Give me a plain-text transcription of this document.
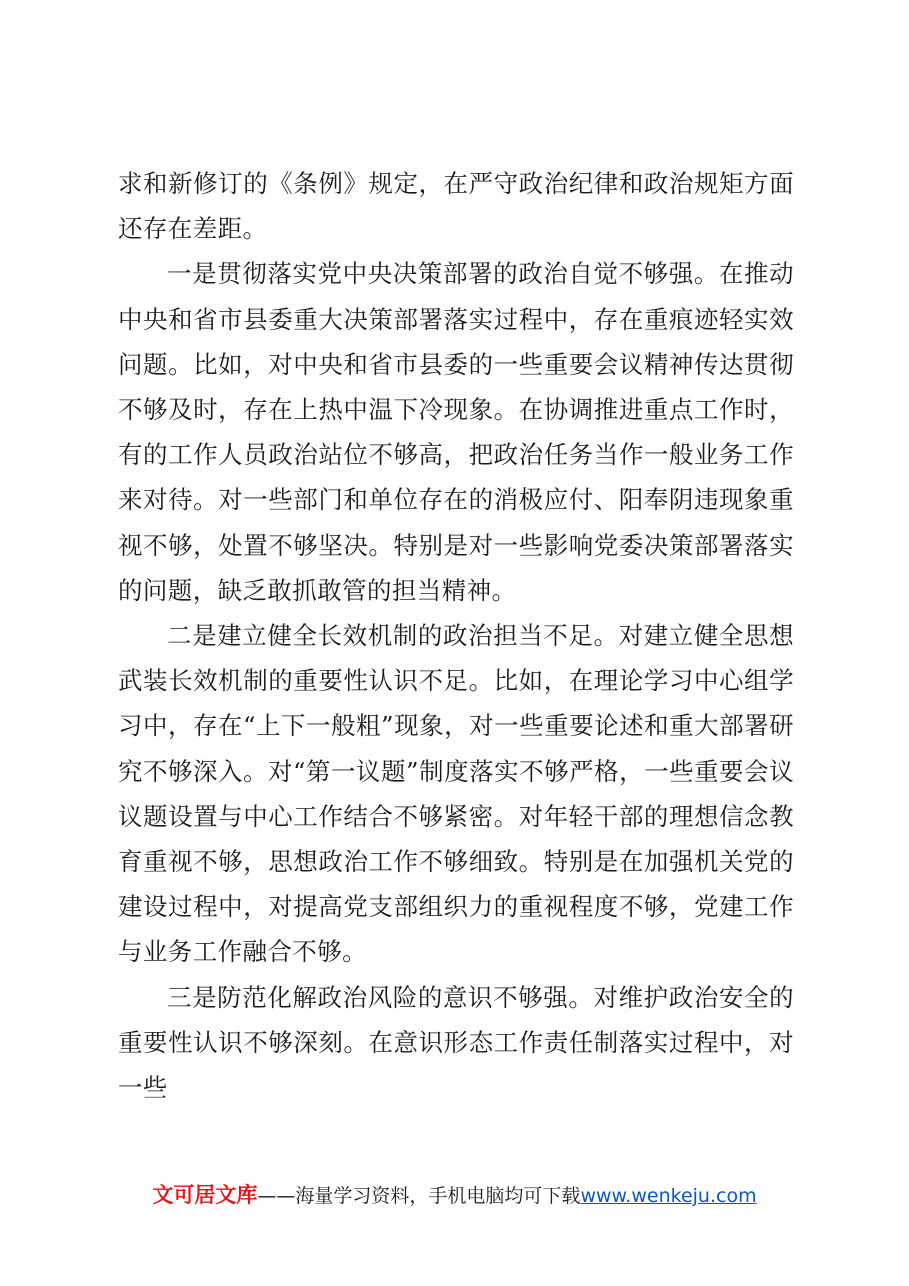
求和新修订的《条例》规定，在严守政治纪律和政治规矩方面还存在差距。

一是贯彻落实党中央决策部署的政治自觉不够强。在推动中央和省市县委重大决策部署落实过程中，存在重痕迹轻实效问题。比如，对中央和省市县委的一些重要会议精神传达贯彻不够及时，存在上热中温下冷现象。在协调推进重点工作时，有的工作人员政治站位不够高，把政治任务当作一般业务工作来对待。对一些部门和单位存在的消极应付、阳奉阴违现象重视不够，处置不够坚决。特别是对一些影响党委决策部署落实的问题，缺乏敢抓敢管的担当精神。

二是建立健全长效机制的政治担当不足。对建立健全思想武装长效机制的重要性认识不足。比如，在理论学习中心组学习中，存在“上下一般粗”现象，对一些重要论述和重大部署研究不够深入。对“第一议题”制度落实不够严格，一些重要会议议题设置与中心工作结合不够紧密。对年轻干部的理想信念教育重视不够，思想政治工作不够细致。特别是在加强机关党的建设过程中，对提高党支部组织力的重视程度不够，党建工作与业务工作融合不够。

三是防范化解政治风险的意识不够强。对维护政治安全的重要性认识不够深刻。在意识形态工作责任制落实过程中，对一些

文可居文库——海量学习资料，手机电脑均可下载www.wenkeju.com
